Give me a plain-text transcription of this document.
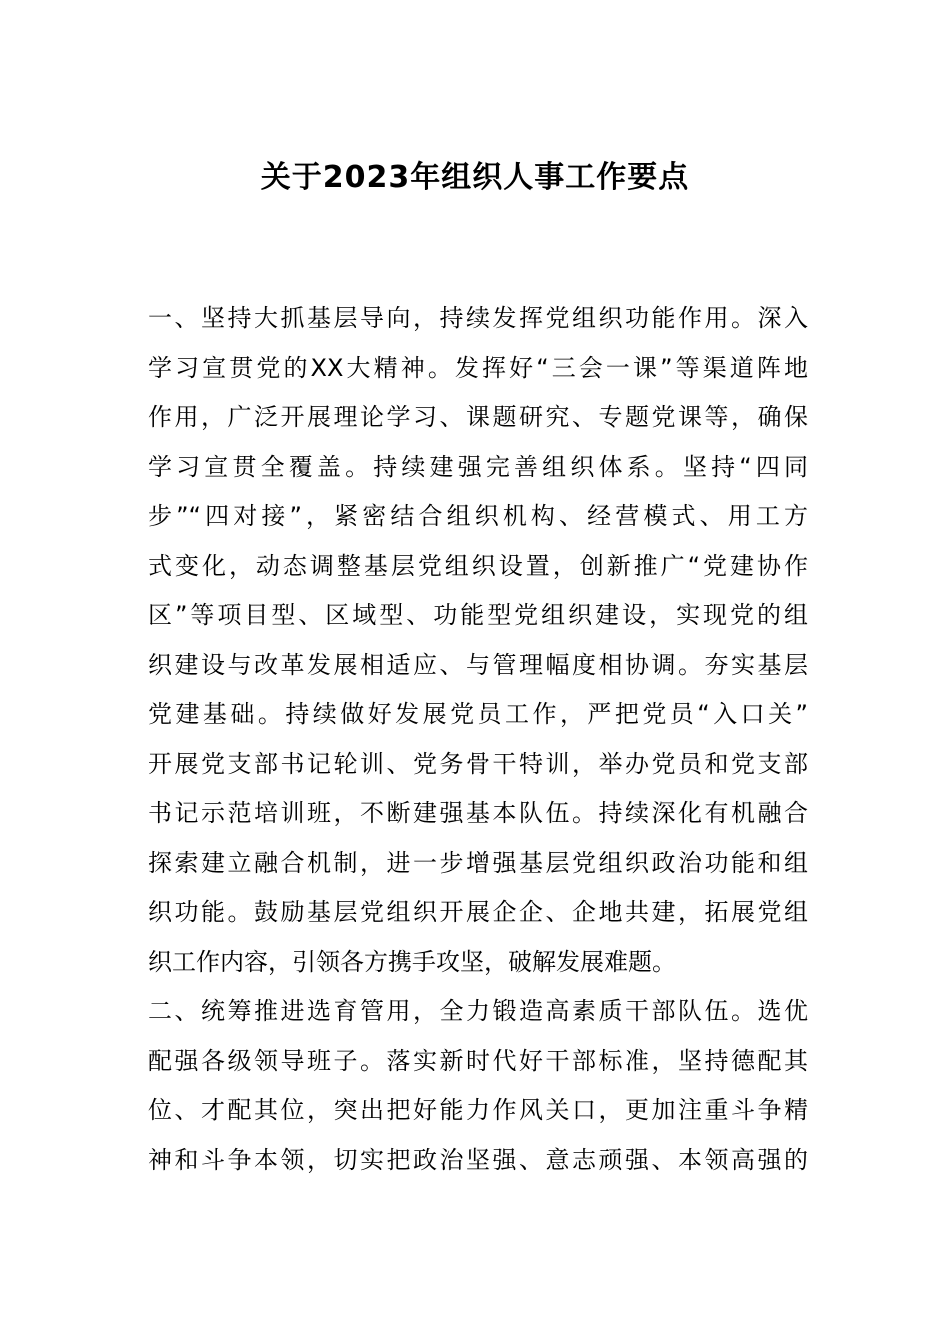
关于2023年组织人事工作要点
一、坚持大抓基层导向，持续发挥党组织功能作用。深入
学习宣贯党的XX大精神。发挥好“三会一课”等渠道阵地
作用，广泛开展理论学习、课题研究、专题党课等，确保
学习宣贯全覆盖。持续建强完善组织体系。坚持“四同
步”“四对接”，紧密结合组织机构、经营模式、用工方
式变化，动态调整基层党组织设置，创新推广“党建协作
区”等项目型、区域型、功能型党组织建设，实现党的组
织建设与改革发展相适应、与管理幅度相协调。夯实基层
党建基础。持续做好发展党员工作，严把党员“入口关”
开展党支部书记轮训、党务骨干特训，举办党员和党支部
书记示范培训班，不断建强基本队伍。持续深化有机融合
探索建立融合机制，进一步增强基层党组织政治功能和组
织功能。鼓励基层党组织开展企企、企地共建，拓展党组
织工作内容，引领各方携手攻坚，破解发展难题。
二、统筹推进选育管用，全力锻造高素质干部队伍。选优
配强各级领导班子。落实新时代好干部标准，坚持德配其
位、才配其位，突出把好能力作风关口，更加注重斗争精
神和斗争本领，切实把政治坚强、意志顽强、本领高强的
